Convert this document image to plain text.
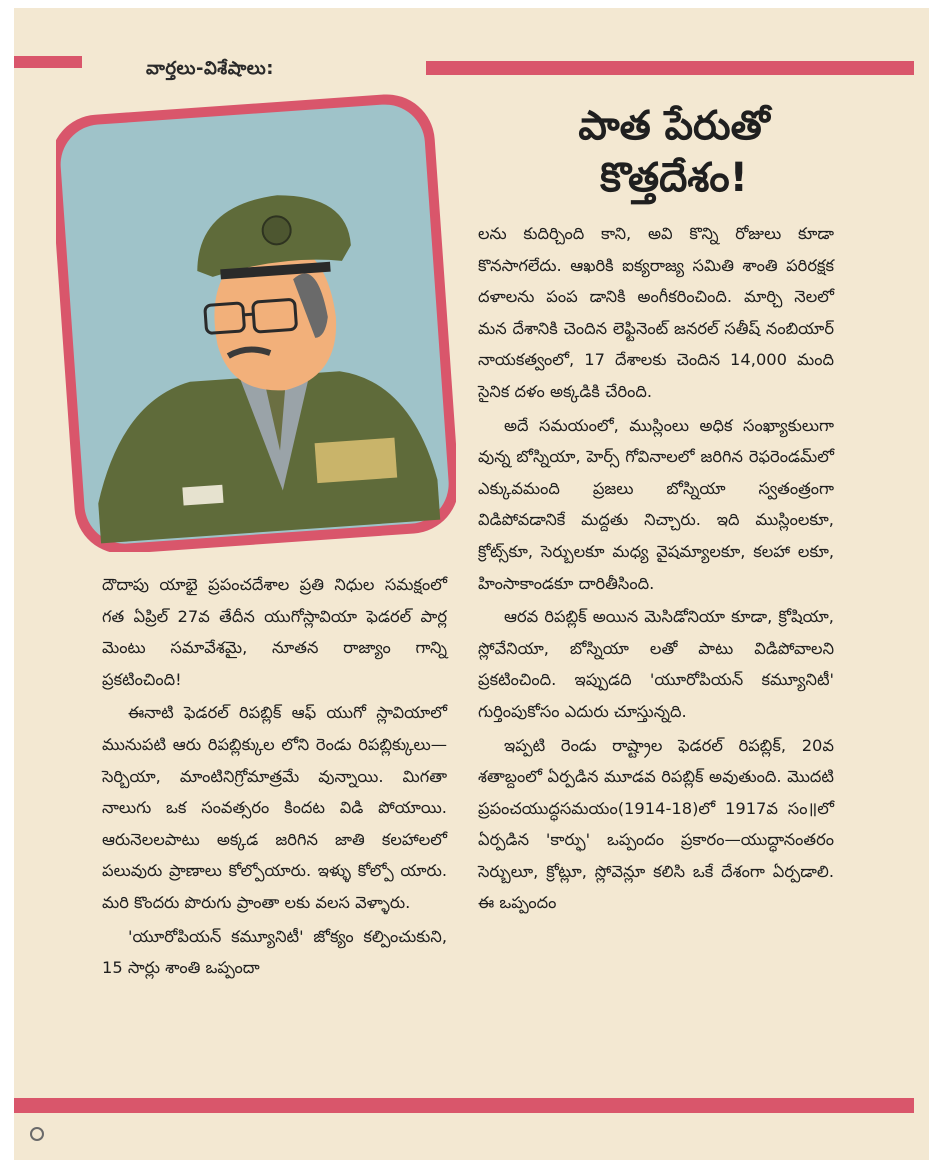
వార్తలు-విశేషాలు:
పాత పేరుతో
కొత్తదేశం!

దౌదాపు యాభై ప్రపంచదేశాల ప్రతి నిధుల సమక్షంలో గత ఏప్రిల్ 27వ తేదీన యుగోస్లావియా ఫెడరల్ పార్ల మెంటు సమావేశమై, నూతన రాజ్యాం గాన్ని ప్రకటించింది!

ఈనాటి ఫెడరల్ రిపబ్లిక్ ఆఫ్ యుగో స్లావియాలో మునుపటి ఆరు రిపబ్లిక్కుల లోని రెండు రిపబ్లిక్కులు—సెర్బియా, మాంటినిగ్రోమాత్రమే వున్నాయి. మిగతా నాలుగు ఒక సంవత్సరం కిందట విడి పోయాయి. ఆరునెలలపాటు అక్కడ జరిగిన జాతి కలహాలలో పలువురు ప్రాణాలు కోల్పోయారు. ఇళ్ళు కోల్పో యారు. మరి కొందరు పొరుగు ప్రాంతా లకు వలస వెళ్ళారు.

'యూరోపియన్ కమ్యూనిటీ' జోక్యం కల్పించుకుని, 15 సార్లు శాంతి ఒప్పందా

లను కుదిర్చింది కాని, అవి కొన్ని రోజులు కూడా కొనసాగలేదు. ఆఖరికి ఐక్యరాజ్య సమితి శాంతి పరిరక్షక దళాలను పంప డానికి అంగీకరించింది. మార్చి నెలలో మన దేశానికి చెందిన లెఫ్టినెంట్ జనరల్ సతీష్ నంబియార్ నాయకత్వంలో, 17 దేశాలకు చెందిన 14,000 మంది సైనిక దళం అక్కడికి చేరింది.

అదే సమయంలో, ముస్లింలు అధిక సంఖ్యాకులుగా వున్న బోస్నియా, హెర్స్ గోవినాలలో జరిగిన రెఫరెండమ్‌లో ఎక్కువమంది ప్రజలు బోస్నియా స్వతంత్రంగా విడిపోవడానికే మద్దతు నిచ్చారు. ఇది ముస్లింలకూ, క్రోట్స్‌కూ, సెర్బులకూ మధ్య వైషమ్యాలకూ, కలహా లకూ, హింసాకాండకూ దారితీసింది.

ఆరవ రిపబ్లిక్ అయిన మెసిడోనియా కూడా, క్రోషియా, స్లోవేనియా, బోస్నియా లతో పాటు విడిపోవాలని ప్రకటించింది. ఇప్పుడది 'యూరోపియన్ కమ్యూనిటీ' గుర్తింపుకోసం ఎదురు చూస్తున్నది.

ఇప్పటి రెండు రాష్ట్రాల ఫెడరల్ రిపబ్లిక్, 20వ శతాబ్దంలో ఏర్పడిన మూడవ రిపబ్లిక్ అవుతుంది. మొదటి ప్రపంచయుద్ధసమయం(1914-18)లో 1917వ సం॥లో ఏర్పడిన 'కార్ఫు' ఒప్పందం ప్రకారం—యుద్ధానంతరం సెర్బులూ, క్రోట్లూ, స్లోవెన్లూ కలిసి ఒకే దేశంగా ఏర్పడాలి. ఈ ఒప్పందం
